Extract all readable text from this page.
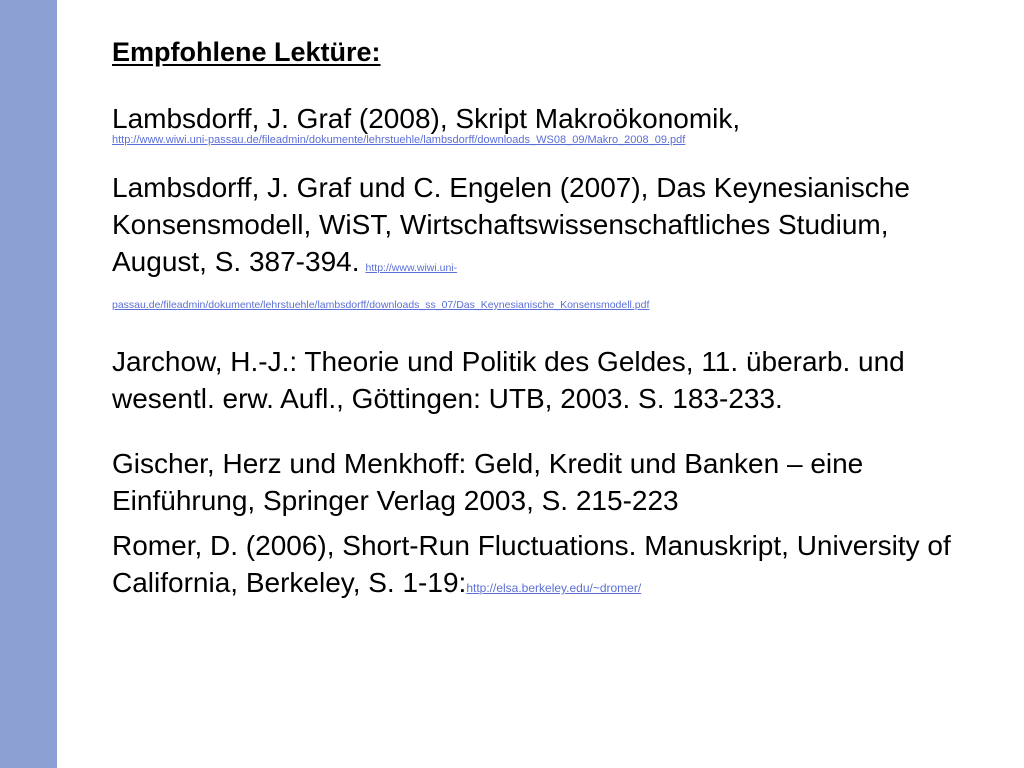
Empfohlene Lektüre:

Lambsdorff, J. Graf (2008), Skript Makroökonomik,
http://www.wiwi.uni-passau.de/fileadmin/dokumente/lehrstuehle/lambsdorff/downloads_WS08_09/Makro_2008_09.pdf

Lambsdorff, J. Graf und C. Engelen (2007), Das Keynesianische Konsensmodell, WiST, Wirtschaftswissenschaftliches Studium, August, S. 387-394. http://www.wiwi.uni-passau.de/fileadmin/dokumente/lehrstuehle/lambsdorff/downloads_ss_07/Das_Keynesianische_Konsensmodell.pdf

Jarchow, H.-J.: Theorie und Politik des Geldes, 11. überarb. und wesentl. erw. Aufl., Göttingen: UTB, 2003. S. 183-233.

Gischer, Herz und Menkhoff: Geld, Kredit und Banken – eine Einführung, Springer Verlag 2003, S. 215-223

Romer, D. (2006), Short-Run Fluctuations. Manuskript, University of California, Berkeley, S. 1-19:http://elsa.berkeley.edu/~dromer/
